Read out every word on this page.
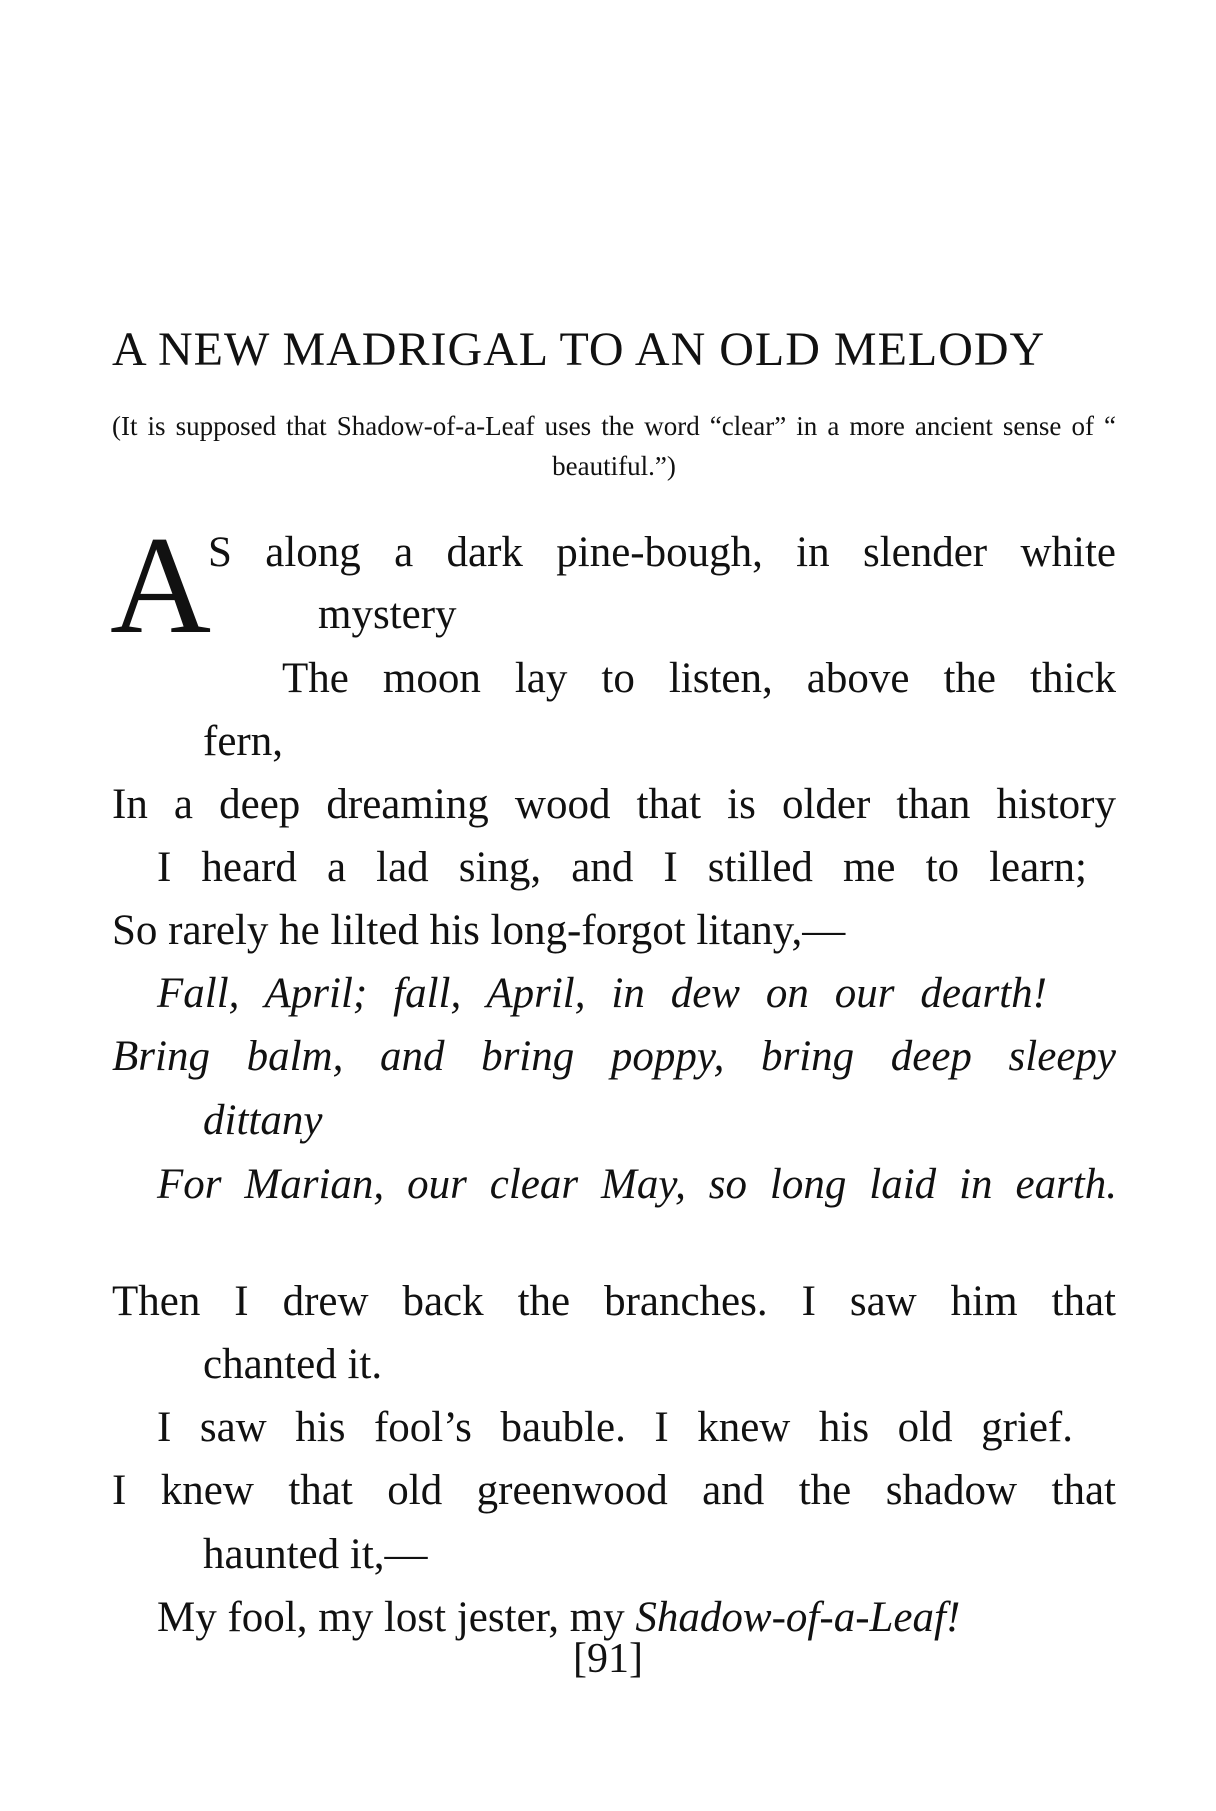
A NEW MADRIGAL TO AN OLD MELODY

(It is supposed that Shadow-of-a-Leaf uses the word “clear” in a more ancient sense of “ beautiful.”)

A

S along a dark pine-bough, in slender white

mystery

The moon lay to listen, above the thick

fern,

In a deep dreaming wood that is older than history

I heard a lad sing, and I stilled me to learn;

So rarely he lilted his long-forgot litany,—

Fall, April; fall, April, in dew on our dearth!

Bring balm, and bring poppy, bring deep sleepy

dittany

For Marian, our clear May, so long laid in earth.

Then I drew back the branches. I saw him that

chanted it.

I saw his fool’s bauble. I knew his old grief.

I knew that old greenwood and the shadow that

haunted it,—

My fool, my lost jester, my Shadow-of-a-Leaf!

[91]
